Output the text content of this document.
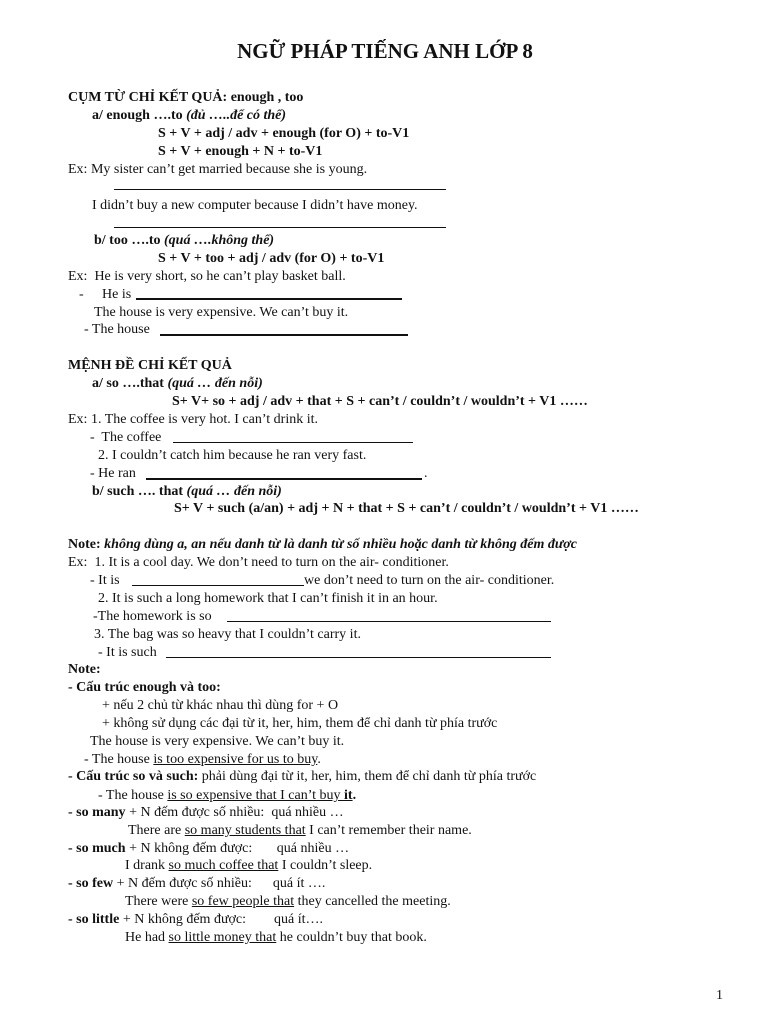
NGỮ PHÁP TIẾNG ANH LỚP 8
CỤM TỪ CHỈ KẾT QUẢ: enough , too
a/ enough ….to (đủ …..để có thể)
S + V + adj / adv + enough (for O) + to-V1
S + V + enough + N + to-V1
Ex: My sister can’t get married because she is young.
I didn’t buy a new computer because I didn’t have money.
b/ too ….to (quá ….không thể)
S + V + too + adj / adv (for O) + to-V1
Ex:  He is very short, so he can’t play basket ball.
- He is
The house is very expensive. We can’t buy it.
- The house
MỆNH ĐỀ CHỈ KẾT QUẢ
a/ so ….that (quá … đến nỗi)
S+ V+ so + adj / adv + that + S + can’t / couldn’t / wouldn’t + V1 ……
Ex: 1. The coffee is very hot. I can’t drink it.
-  The coffee
2. I couldn’t catch him because he ran very fast.
- He ran	.
b/ such …. that (quá … đến nỗi)
S+ V + such (a/an) + adj + N + that + S + can’t / couldn’t / wouldn’t + V1 ……
Note: không dùng a, an nếu danh từ là danh từ số nhiều hoặc danh từ không đếm được
Ex:  1. It is a cool day. We don’t need to turn on the air- conditioner.
- It is	we don’t need to turn on the air- conditioner.
2. It is such a long homework that I can’t finish it in an hour.
-The homework is so
3. The bag was so heavy that I couldn’t carry it.
- It is such
Note:
- Cấu trúc enough và too:
+ nếu 2 chủ từ khác nhau thì dùng for + O
+ không sử dụng các đại từ it, her, him, them để chỉ danh từ phía trước
The house is very expensive. We can’t buy it.
- The house is too expensive for us to buy.
- Cấu trúc so và such: phải dùng đại từ it, her, him, them để chỉ danh từ phía trước
- The house is so expensive that I can’t buy it.
- so many + N đếm được số nhiều:  quá nhiều …
There are so many students that I can’t remember their name.
- so much + N không đếm được:       quá nhiều …
I drank so much coffee that I couldn’t sleep.
- so few + N đếm được số nhiều:      quá ít ….
There were so few people that they cancelled the meeting.
- so little + N không đếm được:        quá ít….
He had so little money that he couldn’t buy that book.
1
